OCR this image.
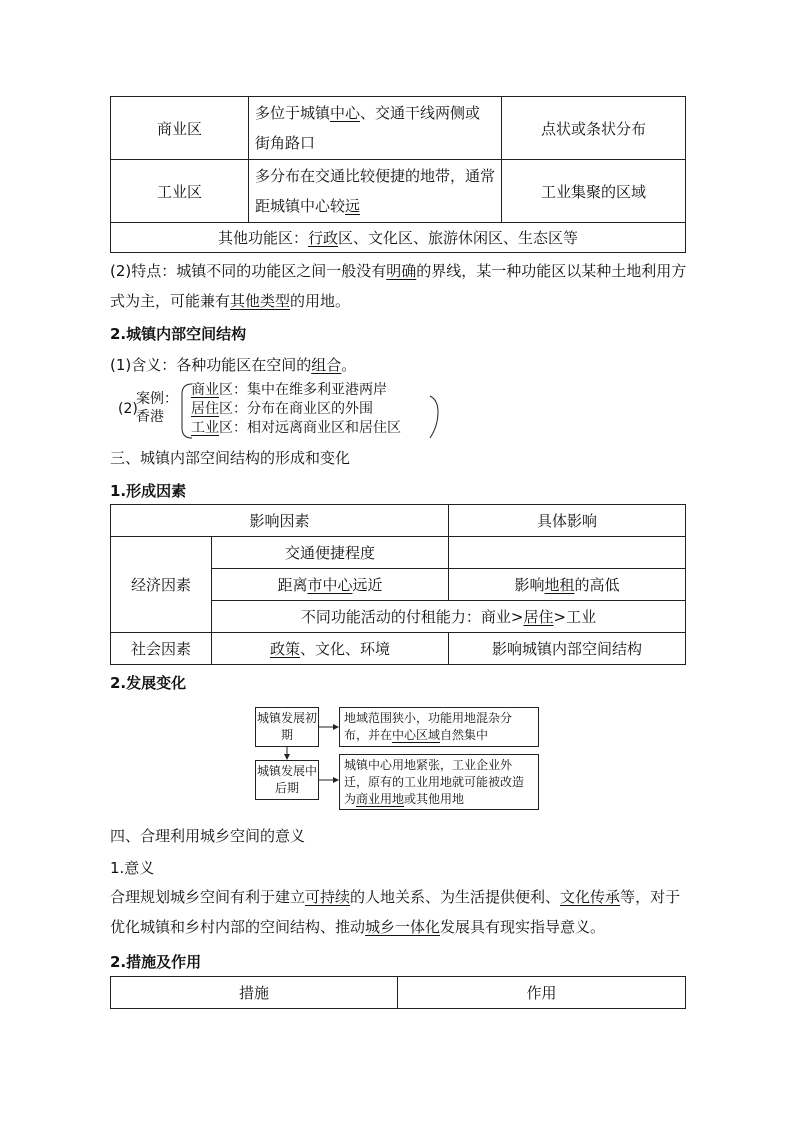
商业区	多位于城镇中心、交通干线两侧或街角路口	点状或条状分布
工业区	多分布在交通比较便捷的地带，通常距城镇中心较远	工业集聚的区域
其他功能区：行政区、文化区、旅游休闲区、生态区等		
(2)特点：城镇不同的功能区之间一般没有明确的界线，某一种功能区以某种土地利用方式为主，可能兼有其他类型的用地。
2.城镇内部空间结构
(1)含义：各种功能区在空间的组合。
(2)
案例：
香港
商业区：集中在维多利亚港两岸
居住区：分布在商业区的外围
工业区：相对远离商业区和居住区
三、城镇内部空间结构的形成和变化
1.形成因素
影响因素		具体影响
经济因素	交通便捷程度	
	距离市中心远近	影响地租的高低
	不同功能活动的付租能力：商业>居住>工业	
社会因素	政策、文化、环境	影响城镇内部空间结构
2.发展变化
城镇发展初期
地域范围狭小，功能用地混杂分布，并在中心区域自然集中
城镇发展中后期
城镇中心用地紧张，工业企业外迁，原有的工业用地就可能被改造为商业用地或其他用地
四、合理利用城乡空间的意义
1.意义
合理规划城乡空间有利于建立可持续的人地关系、为生活提供便利、文化传承等，对于优化城镇和乡村内部的空间结构、推动城乡一体化发展具有现实指导意义。
2.措施及作用
措施	作用
